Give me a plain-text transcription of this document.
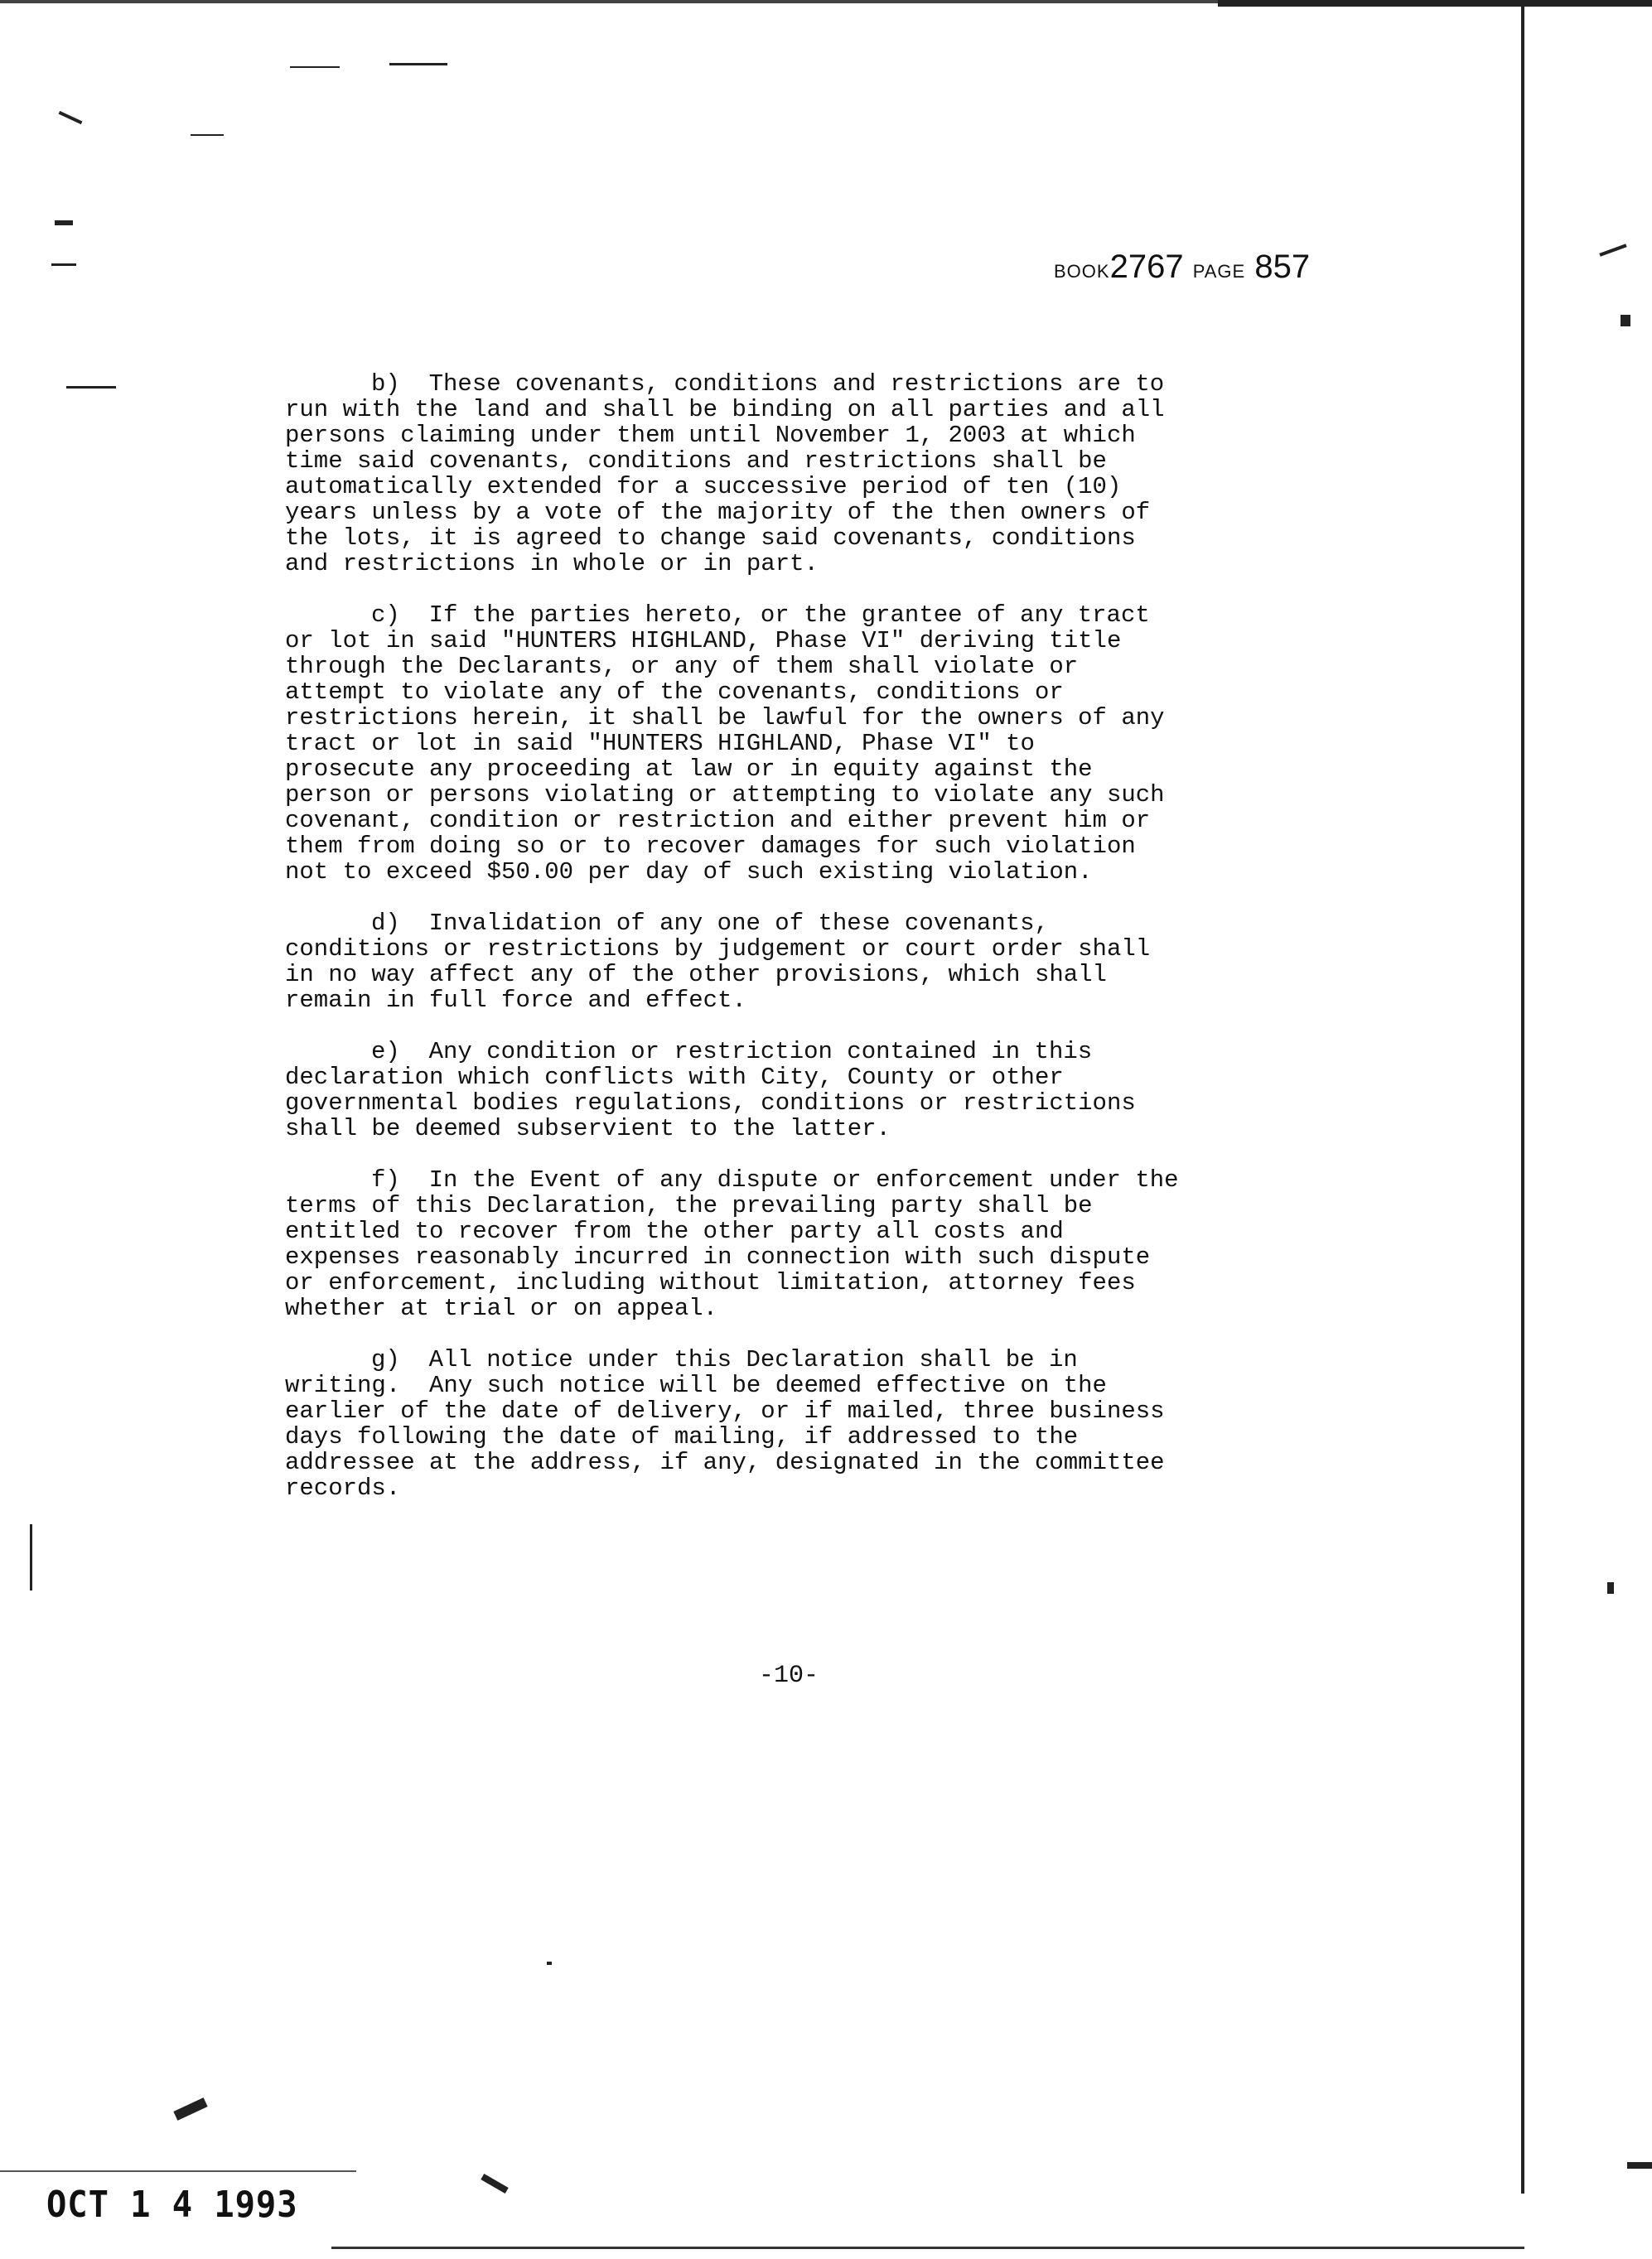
BOOK2767 PAGE 857

b) These covenants, conditions and restrictions are to
run with the land and shall be binding on all parties and all
persons claiming under them until November 1, 2003 at which
time said covenants, conditions and restrictions shall be
automatically extended for a successive period of ten (10)
years unless by a vote of the majority of the then owners of
the lots, it is agreed to change said covenants, conditions
and restrictions in whole or in part.

c) If the parties hereto, or the grantee of any tract
or lot in said "HUNTERS HIGHLAND, Phase VI" deriving title
through the Declarants, or any of them shall violate or
attempt to violate any of the covenants, conditions or
restrictions herein, it shall be lawful for the owners of any
tract or lot in said "HUNTERS HIGHLAND, Phase VI" to
prosecute any proceeding at law or in equity against the
person or persons violating or attempting to violate any such
covenant, condition or restriction and either prevent him or
them from doing so or to recover damages for such violation
not to exceed $50.00 per day of such existing violation.

d) Invalidation of any one of these covenants,
conditions or restrictions by judgement or court order shall
in no way affect any of the other provisions, which shall
remain in full force and effect.

e) Any condition or restriction contained in this
declaration which conflicts with City, County or other
governmental bodies regulations, conditions or restrictions
shall be deemed subservient to the latter.

f) In the Event of any dispute or enforcement under the
terms of this Declaration, the prevailing party shall be
entitled to recover from the other party all costs and
expenses reasonably incurred in connection with such dispute
or enforcement, including without limitation, attorney fees
whether at trial or on appeal.

g) All notice under this Declaration shall be in
writing.  Any such notice will be deemed effective on the
earlier of the date of delivery, or if mailed, three business
days following the date of mailing, if addressed to the
addressee at the address, if any, designated in the committee
records.

-10-
OCT 1 4 1993
